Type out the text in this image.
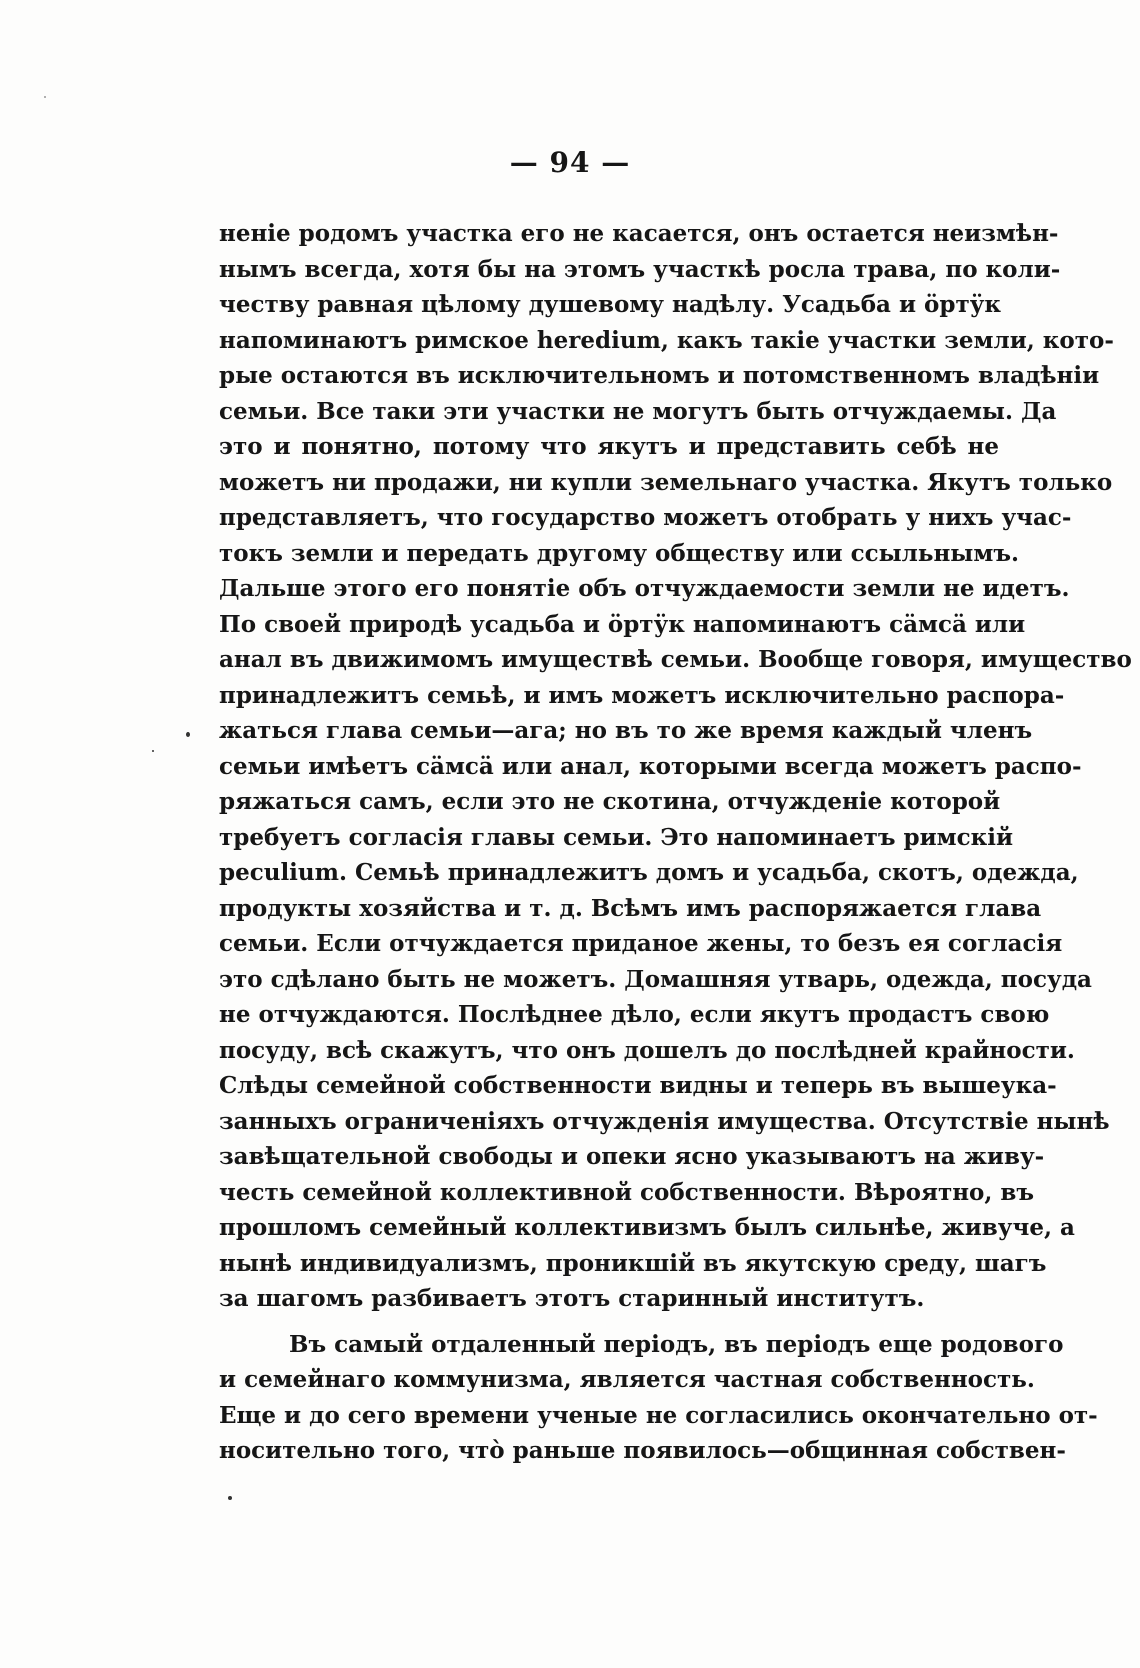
— 94 —
неніе родомъ участка его не касается, онъ остается неизмѣн-
нымъ всегда, хотя бы на этомъ участкѣ росла трава, по коли-
честву равная цѣлому душевому надѣлу. Усадьба и ӧртӱк
напоминаютъ римское heredium, какъ такіе участки земли, кото-
рые остаются въ исключительномъ и потомственномъ владѣніи
семьи. Все таки эти участки не могутъ быть отчуждаемы. Да
это и понятно, потому что якутъ и представить себѣ не
можетъ ни продажи, ни купли земельнаго участка. Якутъ только
представляетъ, что государство можетъ отобрать у нихъ учас-
токъ земли и передать другому обществу или ссыльнымъ.
Дальше этого его понятіе объ отчуждаемости земли не идетъ.
По своей природѣ усадьба и ӧртӱк напоминаютъ сӓмсӓ или
анал въ движимомъ имуществѣ семьи. Вообще говоря, имущество
принадлежитъ семьѣ, и имъ можетъ исключительно распора-
жаться глава семьи—ага; но въ то же время каждый членъ
семьи имѣетъ сӓмсӓ или анал, которыми всегда можетъ распо-
ряжаться самъ, если это не скотина, отчужденіе которой
требуетъ согласія главы семьи. Это напоминаетъ римскій
peculium. Семьѣ принадлежитъ домъ и усадьба, скотъ, одежда,
продукты хозяйства и т. д. Всѣмъ имъ распоряжается глава
семьи. Если отчуждается приданое жены, то безъ ея согласія
это сдѣлано быть не можетъ. Домашняя утварь, одежда, посуда
не отчуждаются. Послѣднее дѣло, если якутъ продастъ свою
посуду, всѣ скажутъ, что онъ дошелъ до послѣдней крайности.
Слѣды семейной собственности видны и теперь въ вышеука-
занныхъ ограниченіяхъ отчужденія имущества. Отсутствіе нынѣ
завѣщательной свободы и опеки ясно указываютъ на живу-
честь семейной коллективной собственности. Вѣроятно, въ
прошломъ семейный коллективизмъ былъ сильнѣе, живуче, а
нынѣ индивидуализмъ, проникшій въ якутскую среду, шагъ
за шагомъ разбиваетъ этотъ старинный институтъ.
Въ самый отдаленный періодъ, въ періодъ еще родового
и семейнаго коммунизма, является частная собственность.
Еще и до сего времени ученые не согласились окончательно от-
носительно того, что̀ раньше появилось—общинная собствен-
